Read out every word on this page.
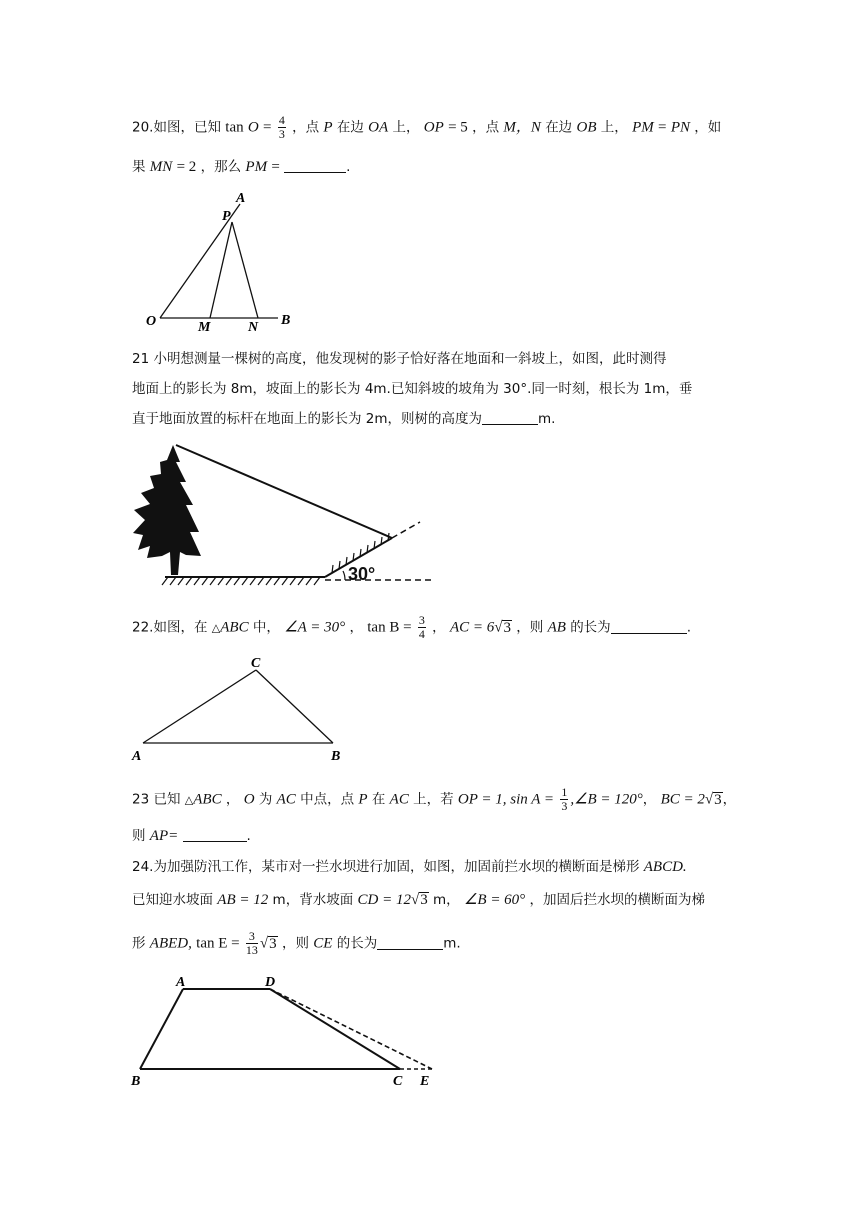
20.如图，已知 $\tan O = \frac{4}{3}$ ，点 P 在边 OA 上， OP = 5 ，点 M，N 在边 OB 上， PM = PN ，如
果 MN = 2 ，那么 PM =	.
21 小明想测量一棵树的高度，他发现树的影子恰好落在地面和一斜坡上，如图，此时测得
地面上的影长为 8m，坡面上的影长为 4m.已知斜坡的坡角为 30°.同一时刻，根长为 1m，垂
直于地面放置的标杆在地面上的影长为 2m，则树的高度为	m.
22.如图，在 △ABC 中， ∠A = 30° ， $\tan B = \frac{3}{4}$ ， AC = 6√3 ，则 AB 的长为	.
23 已知 △ABC ， O 为 AC 中点，点 P 在 AC 上，若 OP = 1, $\sin A = \frac{1}{3}$ ,∠B = 120°， BC = 2√3，
则 AP=	.
24.为加强防汛工作，某市对一拦水坝进行加固，如图，加固前拦水坝的横断面是梯形 ABCD.
已知迎水坡面 AB = 12 m，背水坡面 CD = 12√3 m， ∠B = 60° ，加固后拦水坝的横断面为梯
形 ABED, $\tan E = \frac{3}{13} √3$ ，则 CE 的长为	m.
A
P
O	M	N B
30°
C
A	B
A	D
B	C E
